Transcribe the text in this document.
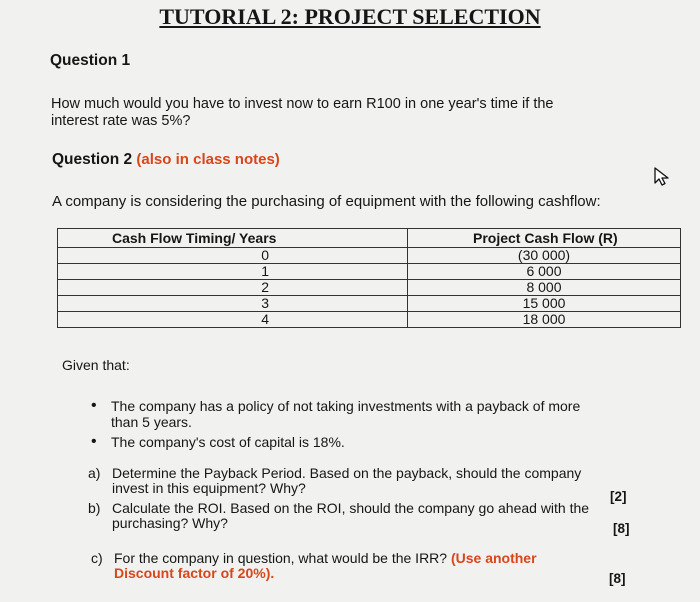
TUTORIAL 2: PROJECT SELECTION
Question 1
How much would you have to invest now to earn R100 in one year's time if the
interest rate was 5%?
Question 2 (also in class notes)
A company is considering the purchasing of equipment with the following cashflow:
Cash Flow Timing/ Years	Project Cash Flow (R)
0	(30 000)
1	6 000
2	8 000
3	15 000
4	18 000
Given that:
• The company has a policy of not taking investments with a payback of more
than 5 years.
• The company's cost of capital is 18%.
a) Determine the Payback Period. Based on the payback, should the company
invest in this equipment? Why?
[2]
b) Calculate the ROI. Based on the ROI, should the company go ahead with the
purchasing? Why?	[8]
c) For the company in question, what would be the IRR? (Use another
Discount factor of 20%).	[8]
